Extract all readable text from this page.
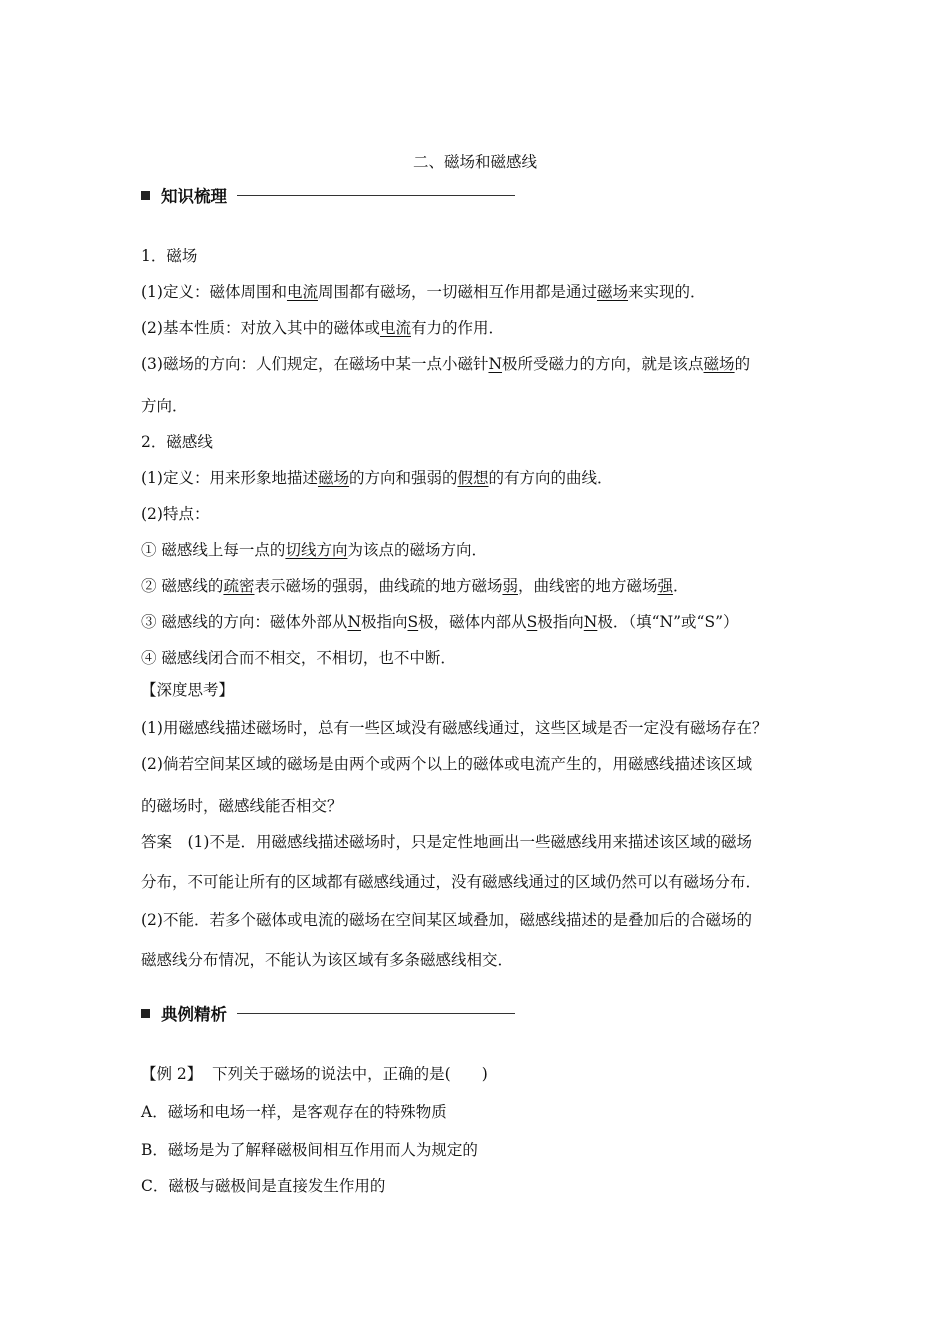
二、磁场和磁感线
知识梳理

1．磁场

(1)定义：磁体周围和电流周围都有磁场，一切磁相互作用都是通过磁场来实现的．

(2)基本性质：对放入其中的磁体或电流有力的作用．

(3)磁场的方向：人们规定，在磁场中某一点小磁针N极所受磁力的方向，就是该点磁场的

方向．

2．磁感线

(1)定义：用来形象地描述磁场的方向和强弱的假想的有方向的曲线．

(2)特点：

① 磁感线上每一点的切线方向为该点的磁场方向．

② 磁感线的疏密表示磁场的强弱，曲线疏的地方磁场弱，曲线密的地方磁场强．

③ 磁感线的方向：磁体外部从N极指向S极，磁体内部从S极指向N极．（填“N”或“S”）

④ 磁感线闭合而不相交，不相切，也不中断．

【深度思考】

(1)用磁感线描述磁场时，总有一些区域没有磁感线通过，这些区域是否一定没有磁场存在？

(2)倘若空间某区域的磁场是由两个或两个以上的磁体或电流产生的，用磁感线描述该区域

的磁场时，磁感线能否相交？

答案　(1)不是．用磁感线描述磁场时，只是定性地画出一些磁感线用来描述该区域的磁场

分布，不可能让所有的区域都有磁感线通过，没有磁感线通过的区域仍然可以有磁场分布．

(2)不能．若多个磁体或电流的磁场在空间某区域叠加，磁感线描述的是叠加后的合磁场的

磁感线分布情况，不能认为该区域有多条磁感线相交．

典例精析

【例 2】 下列关于磁场的说法中，正确的是(　　)

A．磁场和电场一样，是客观存在的特殊物质

B．磁场是为了解释磁极间相互作用而人为规定的

C．磁极与磁极间是直接发生作用的
